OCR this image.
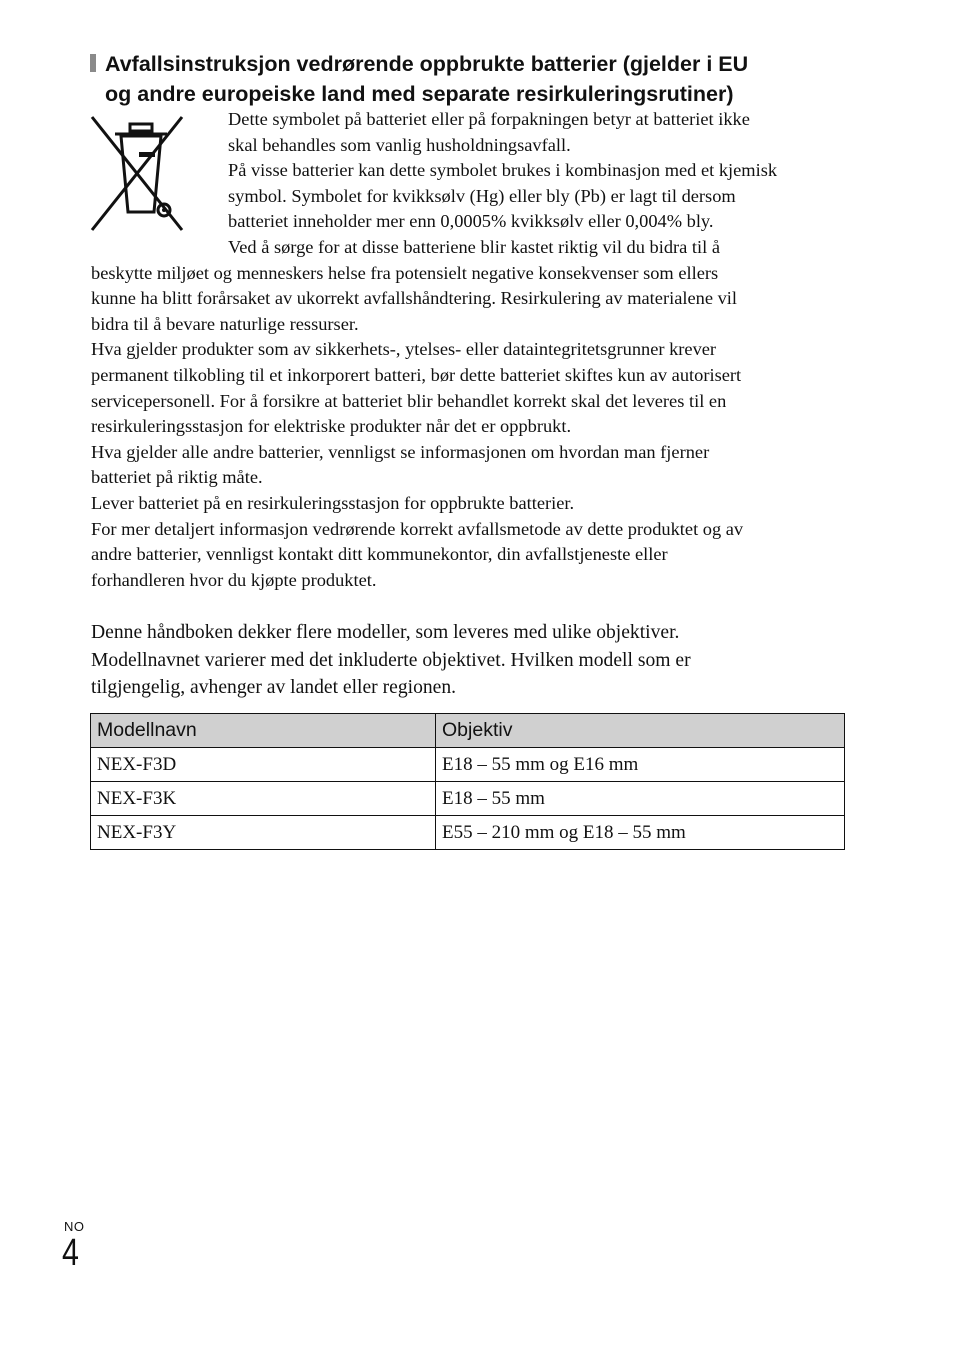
Avfallsinstruksjon vedrørende oppbrukte batterier (gjelder i EU
og andre europeiske land med separate resirkuleringsrutiner)

Dette symbolet på batteriet eller på forpakningen betyr at batteriet ikke
skal behandles som vanlig husholdningsavfall.
På visse batterier kan dette symbolet brukes i kombinasjon med et kjemisk
symbol. Symbolet for kvikksølv (Hg) eller bly (Pb) er lagt til dersom
batteriet inneholder mer enn 0,0005% kvikksølv eller 0,004% bly.
Ved å sørge for at disse batteriene blir kastet riktig vil du bidra til å
beskytte miljøet og menneskers helse fra potensielt negative konsekvenser som ellers
kunne ha blitt forårsaket av ukorrekt avfallshåndtering. Resirkulering av materialene vil
bidra til å bevare naturlige ressurser.
Hva gjelder produkter som av sikkerhets-, ytelses- eller dataintegritetsgrunner krever
permanent tilkobling til et inkorporert batteri, bør dette batteriet skiftes kun av autorisert
servicepersonell. For å forsikre at batteriet blir behandlet korrekt skal det leveres til en
resirkuleringsstasjon for elektriske produkter når det er oppbrukt.
Hva gjelder alle andre batterier, vennligst se informasjonen om hvordan man fjerner
batteriet på riktig måte.
Lever batteriet på en resirkuleringsstasjon for oppbrukte batterier.
For mer detaljert informasjon vedrørende korrekt avfallsmetode av dette produktet og av
andre batterier, vennligst kontakt ditt kommunekontor, din avfallstjeneste eller
forhandleren hvor du kjøpte produktet.

Denne håndboken dekker flere modeller, som leveres med ulike objektiver.
Modellnavnet varierer med det inkluderte objektivet. Hvilken modell som er
tilgjengelig, avhenger av landet eller regionen.
Modellnavn	Objektiv
NEX-F3D	E18 – 55 mm og E16 mm
NEX-F3K	E18 – 55 mm
NEX-F3Y	E55 – 210 mm og E18 – 55 mm
NO
4
